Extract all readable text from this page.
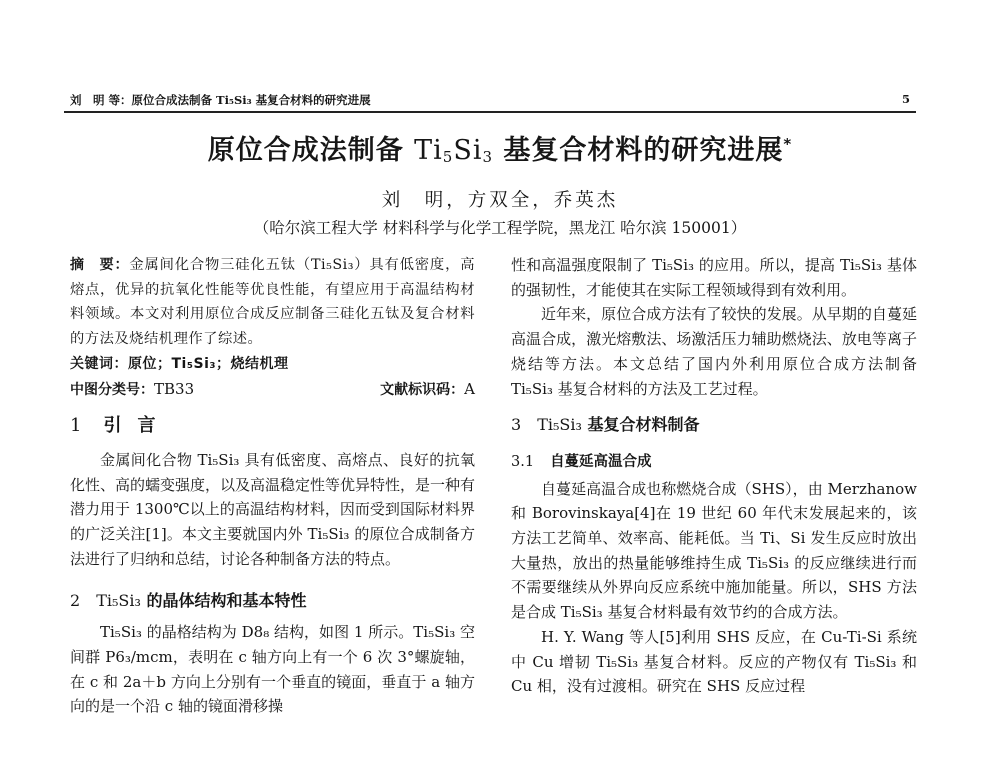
刘　明 等：原位合成法制备 Ti₅Si₃ 基复合材料的研究进展	5
原位合成法制备 $Ti_5Si_3$ 基复合材料的研究进展*
刘　明，方双全，乔英杰
（哈尔滨工程大学 材料科学与化学工程学院，黑龙江 哈尔滨 150001）

摘　要：金属间化合物三硅化五钛（Ti₅Si₃）具有低密度，高熔点，优异的抗氧化性能等优良性能，有望应用于高温结构材料领域。本文对利用原位合成反应制备三硅化五钛及复合材料的方法及烧结机理作了综述。

关键词：原位；Ti₅Si₃；烧结机理

中图分类号：TB33	文献标识码：A

1 引言

金属间化合物 Ti₅Si₃ 具有低密度、高熔点、良好的抗氧化性、高的蠕变强度，以及高温稳定性等优异特性，是一种有潜力用于 1300℃以上的高温结构材料，因而受到国际材料界的广泛关注[1]。本文主要就国内外 Ti₅Si₃ 的原位合成制备方法进行了归纳和总结，讨论各种制备方法的特点。

2 Ti₅Si₃ 的晶体结构和基本特性

Ti₅Si₃ 的晶格结构为 D8₈ 结构，如图 1 所示。Ti₅Si₃ 空间群 P6₃/mcm，表明在 c 轴方向上有一个 6 次 3°螺旋轴，在 c 和 2a＋b 方向上分别有一个垂直的镜面，垂直于 a 轴方向的是一个沿 c 轴的镜面滑移操

性和高温强度限制了 Ti₅Si₃ 的应用。所以，提高 Ti₅Si₃ 基体的强韧性，才能使其在实际工程领域得到有效利用。

近年来，原位合成方法有了较快的发展。从早期的自蔓延高温合成，激光熔敷法、场激活压力辅助燃烧法、放电等离子烧结等方法。本文总结了国内外利用原位合成方法制备 Ti₅Si₃ 基复合材料的方法及工艺过程。

3 Ti₅Si₃ 基复合材料制备
3.1 自蔓延高温合成

自蔓延高温合成也称燃烧合成（SHS），由 Merzhanow 和 Borovinskaya[4]在 19 世纪 60 年代末发展起来的，该方法工艺简单、效率高、能耗低。当 Ti、Si 发生反应时放出大量热，放出的热量能够维持生成 Ti₅Si₃ 的反应继续进行而不需要继续从外界向反应系统中施加能量。所以，SHS 方法是合成 Ti₅Si₃ 基复合材料最有效节约的合成方法。

H. Y. Wang 等人[5]利用 SHS 反应，在 Cu-Ti-Si 系统中 Cu 增韧 Ti₅Si₃ 基复合材料。反应的产物仅有 Ti₅Si₃ 和 Cu 相，没有过渡相。研究在 SHS 反应过程
